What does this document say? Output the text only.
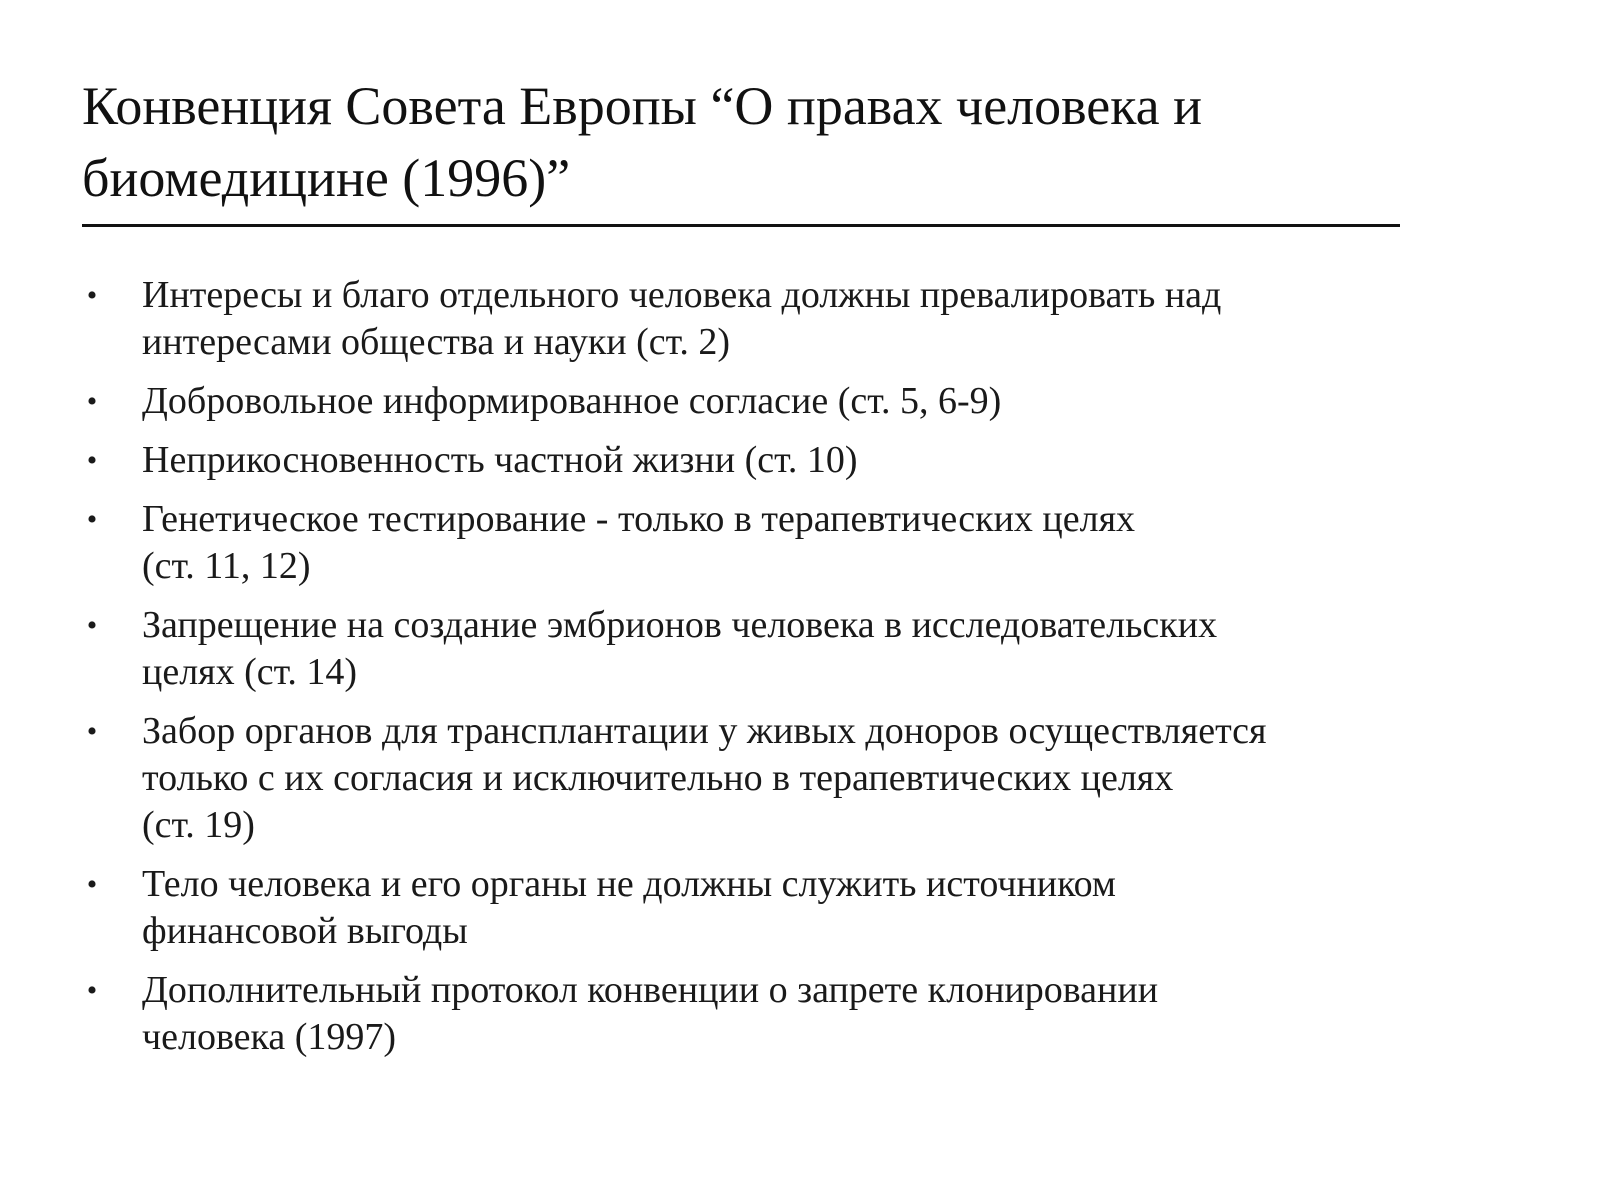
Конвенция Совета Европы “О правах человека и
биомедицине (1996)”
• Интересы и благо отдельного человека должны превалировать над
интересами общества и науки (ст. 2)
• Добровольное информированное согласие (ст. 5, 6-9)
• Неприкосновенность частной жизни (ст. 10)
• Генетическое тестирование - только в терапевтических целях
(ст. 11, 12)
• Запрещение на создание эмбрионов человека в исследовательских
целях (ст. 14)
• Забор органов для трансплантации у живых доноров осуществляется
только с их согласия и исключительно в терапевтических целях
(ст. 19)
• Тело человека и его органы не должны служить источником
финансовой выгоды
• Дополнительный протокол конвенции о запрете клонировании
человека (1997)
